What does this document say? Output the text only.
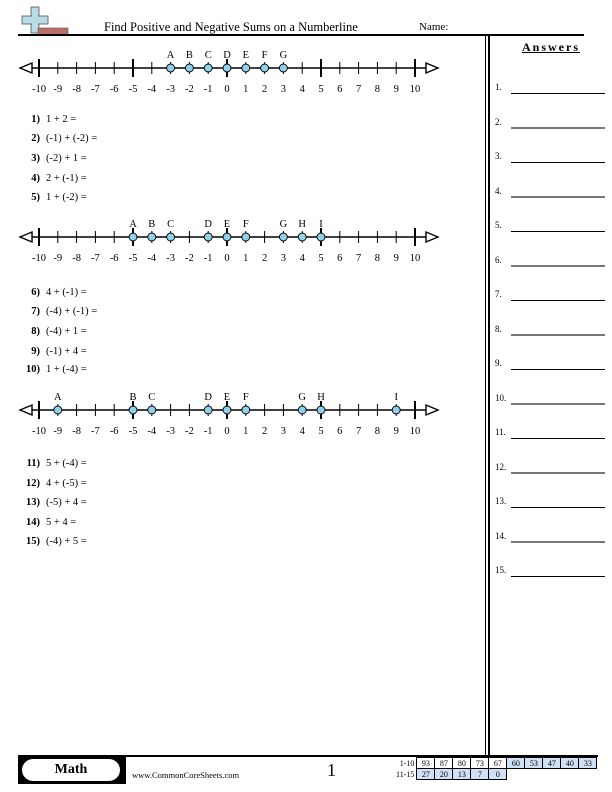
Find Positive and Negative Sums on a Numberline	Name:
-10 -9 -8 -7 -6 -5 -4 -3 -2 -1 0 1 2 3 4 5 6 7 8 9 10
A B C D E F G
-10 -9 -8 -7 -6 -5 -4 -3 -2 -1 0 1 2 3 4 5 6 7 8 9 10
A B C	D E F	G H I
-10 -9 -8 -7 -6 -5 -4 -3 -2 -1 0 1 2 3 4 5 6 7 8 9 10
A	B C	D E F	G H	I
1) 1 + 2 =
2) (-1) + (-2) =
3) (-2) + 1 =
4) 2 + (-1) =
5) 1 + (-2) =
6) 4 + (-1) =
7) (-4) + (-1) =
8) (-4) + 1 =
9) (-1) + 4 =
10) 1 + (-4) =
11) 5 + (-4) =
12) 4 + (-5) =
13) (-5) + 4 =
14) 5 + 4 =
15) (-4) + 5 =
Answers
1.
2.
3.
4.
5.
6.
7.
8.
9.
10.
11.
12.
13.
14.
15.
Math	www.CommonCoreSheets.com	1	1-10	93	87	80	73	67	60	53	47	40	33
11-15	27	20	13	7	0					
